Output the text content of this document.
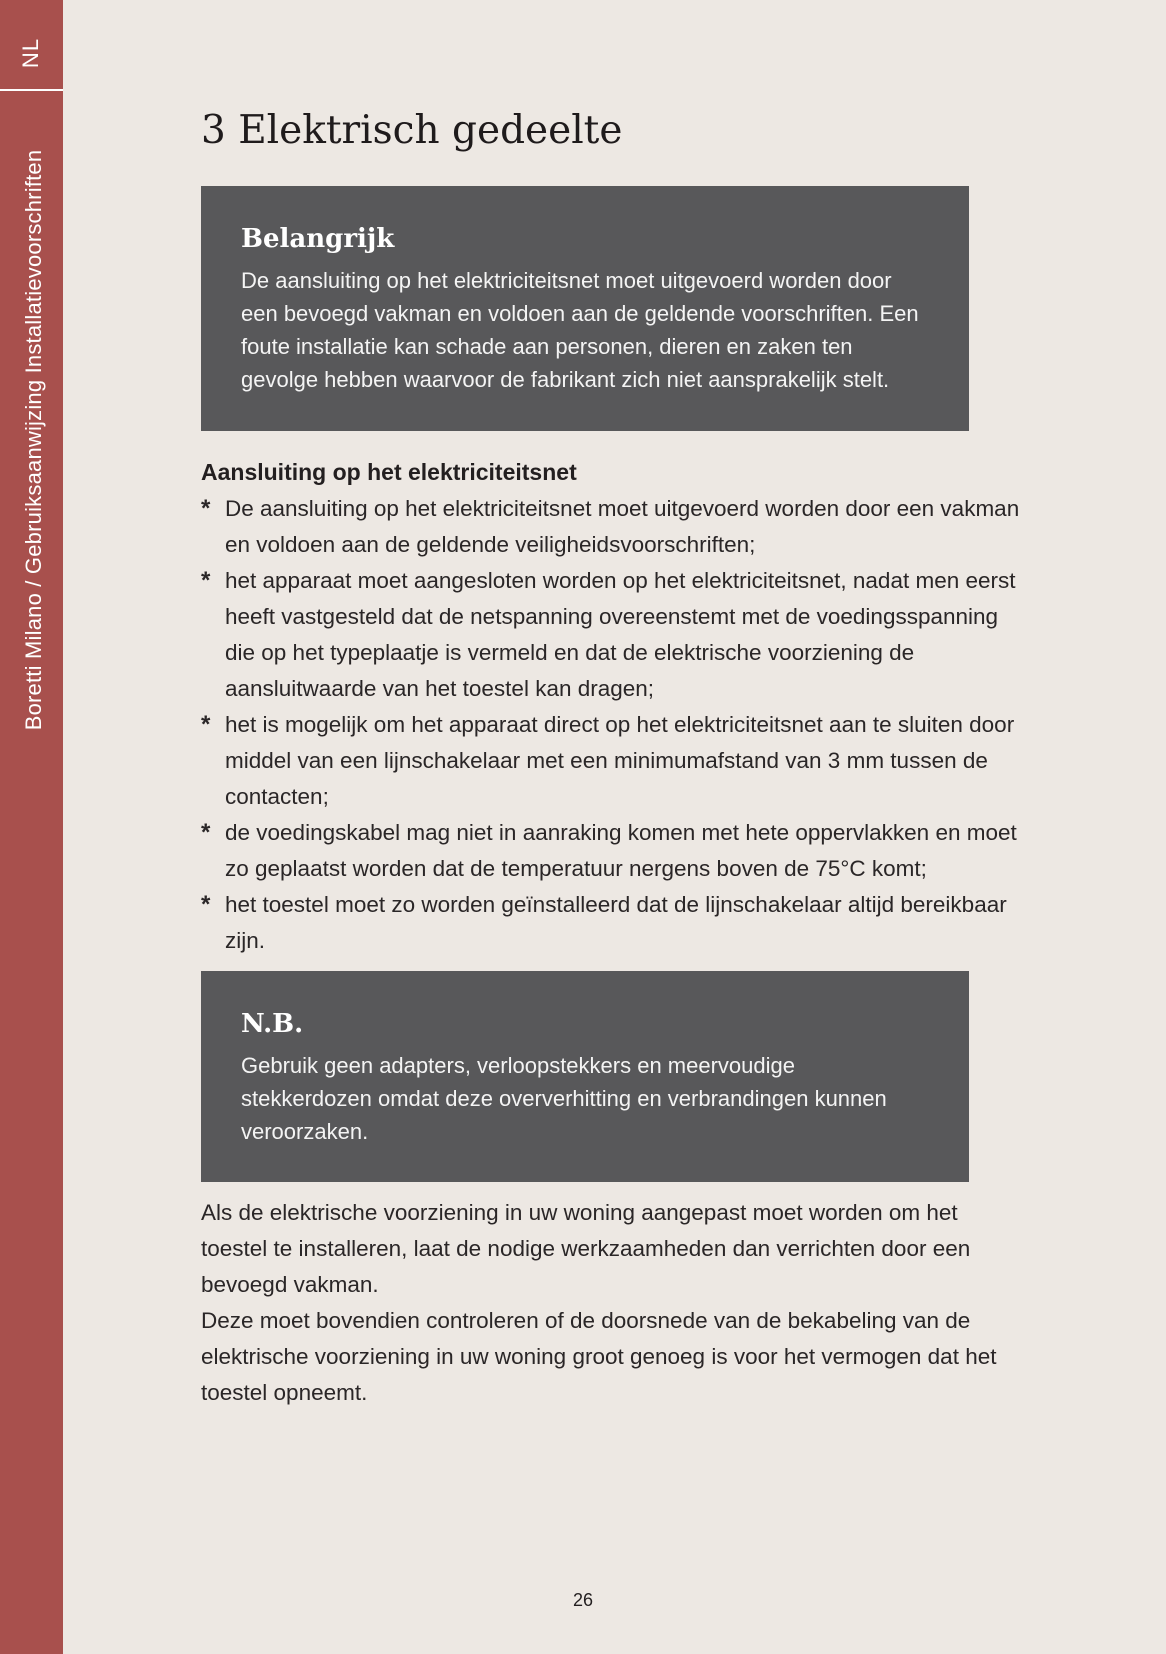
NL
Boretti Milano / Gebruiksaanwijzing Installatievoorschriften
3 Elektrisch gedeelte
Belangrijk

De aansluiting op het elektriciteitsnet moet uitgevoerd worden door een bevoegd vakman en voldoen aan de geldende voorschriften. Een foute installatie kan schade aan personen, dieren en zaken ten gevolge hebben waarvoor de fabrikant zich niet aansprakelijk stelt.

Aansluiting op het elektriciteitsnet
* De aansluiting op het elektriciteitsnet moet uitgevoerd worden door een vakman en voldoen aan de geldende veiligheidsvoorschriften;
* het apparaat moet aangesloten worden op het elektriciteitsnet, nadat men eerst heeft vastgesteld dat de netspanning overeenstemt met de voedingsspanning die op het typeplaatje is vermeld en dat de elektrische voorziening de aansluitwaarde van het toestel kan dragen;
* het is mogelijk om het apparaat direct op het elektriciteitsnet aan te sluiten door middel van een lijnschakelaar met een minimumafstand van 3 mm tussen de contacten;
* de voedingskabel mag niet in aanraking komen met hete oppervlakken en moet zo geplaatst worden dat de temperatuur nergens boven de 75°C komt;
* het toestel moet zo worden geïnstalleerd dat de lijnschakelaar altijd bereikbaar zijn.
N.B.

Gebruik geen adapters, verloopstekkers en meervoudige stekkerdozen omdat deze oververhitting en verbrandingen kunnen veroorzaken.

Als de elektrische voorziening in uw woning aangepast moet worden om het toestel te installeren, laat de nodige werkzaamheden dan verrichten door een bevoegd vakman.

Deze moet bovendien controleren of de doorsnede van de bekabeling van de elektrische voorziening in uw woning groot genoeg is voor het vermogen dat het toestel opneemt.

26
